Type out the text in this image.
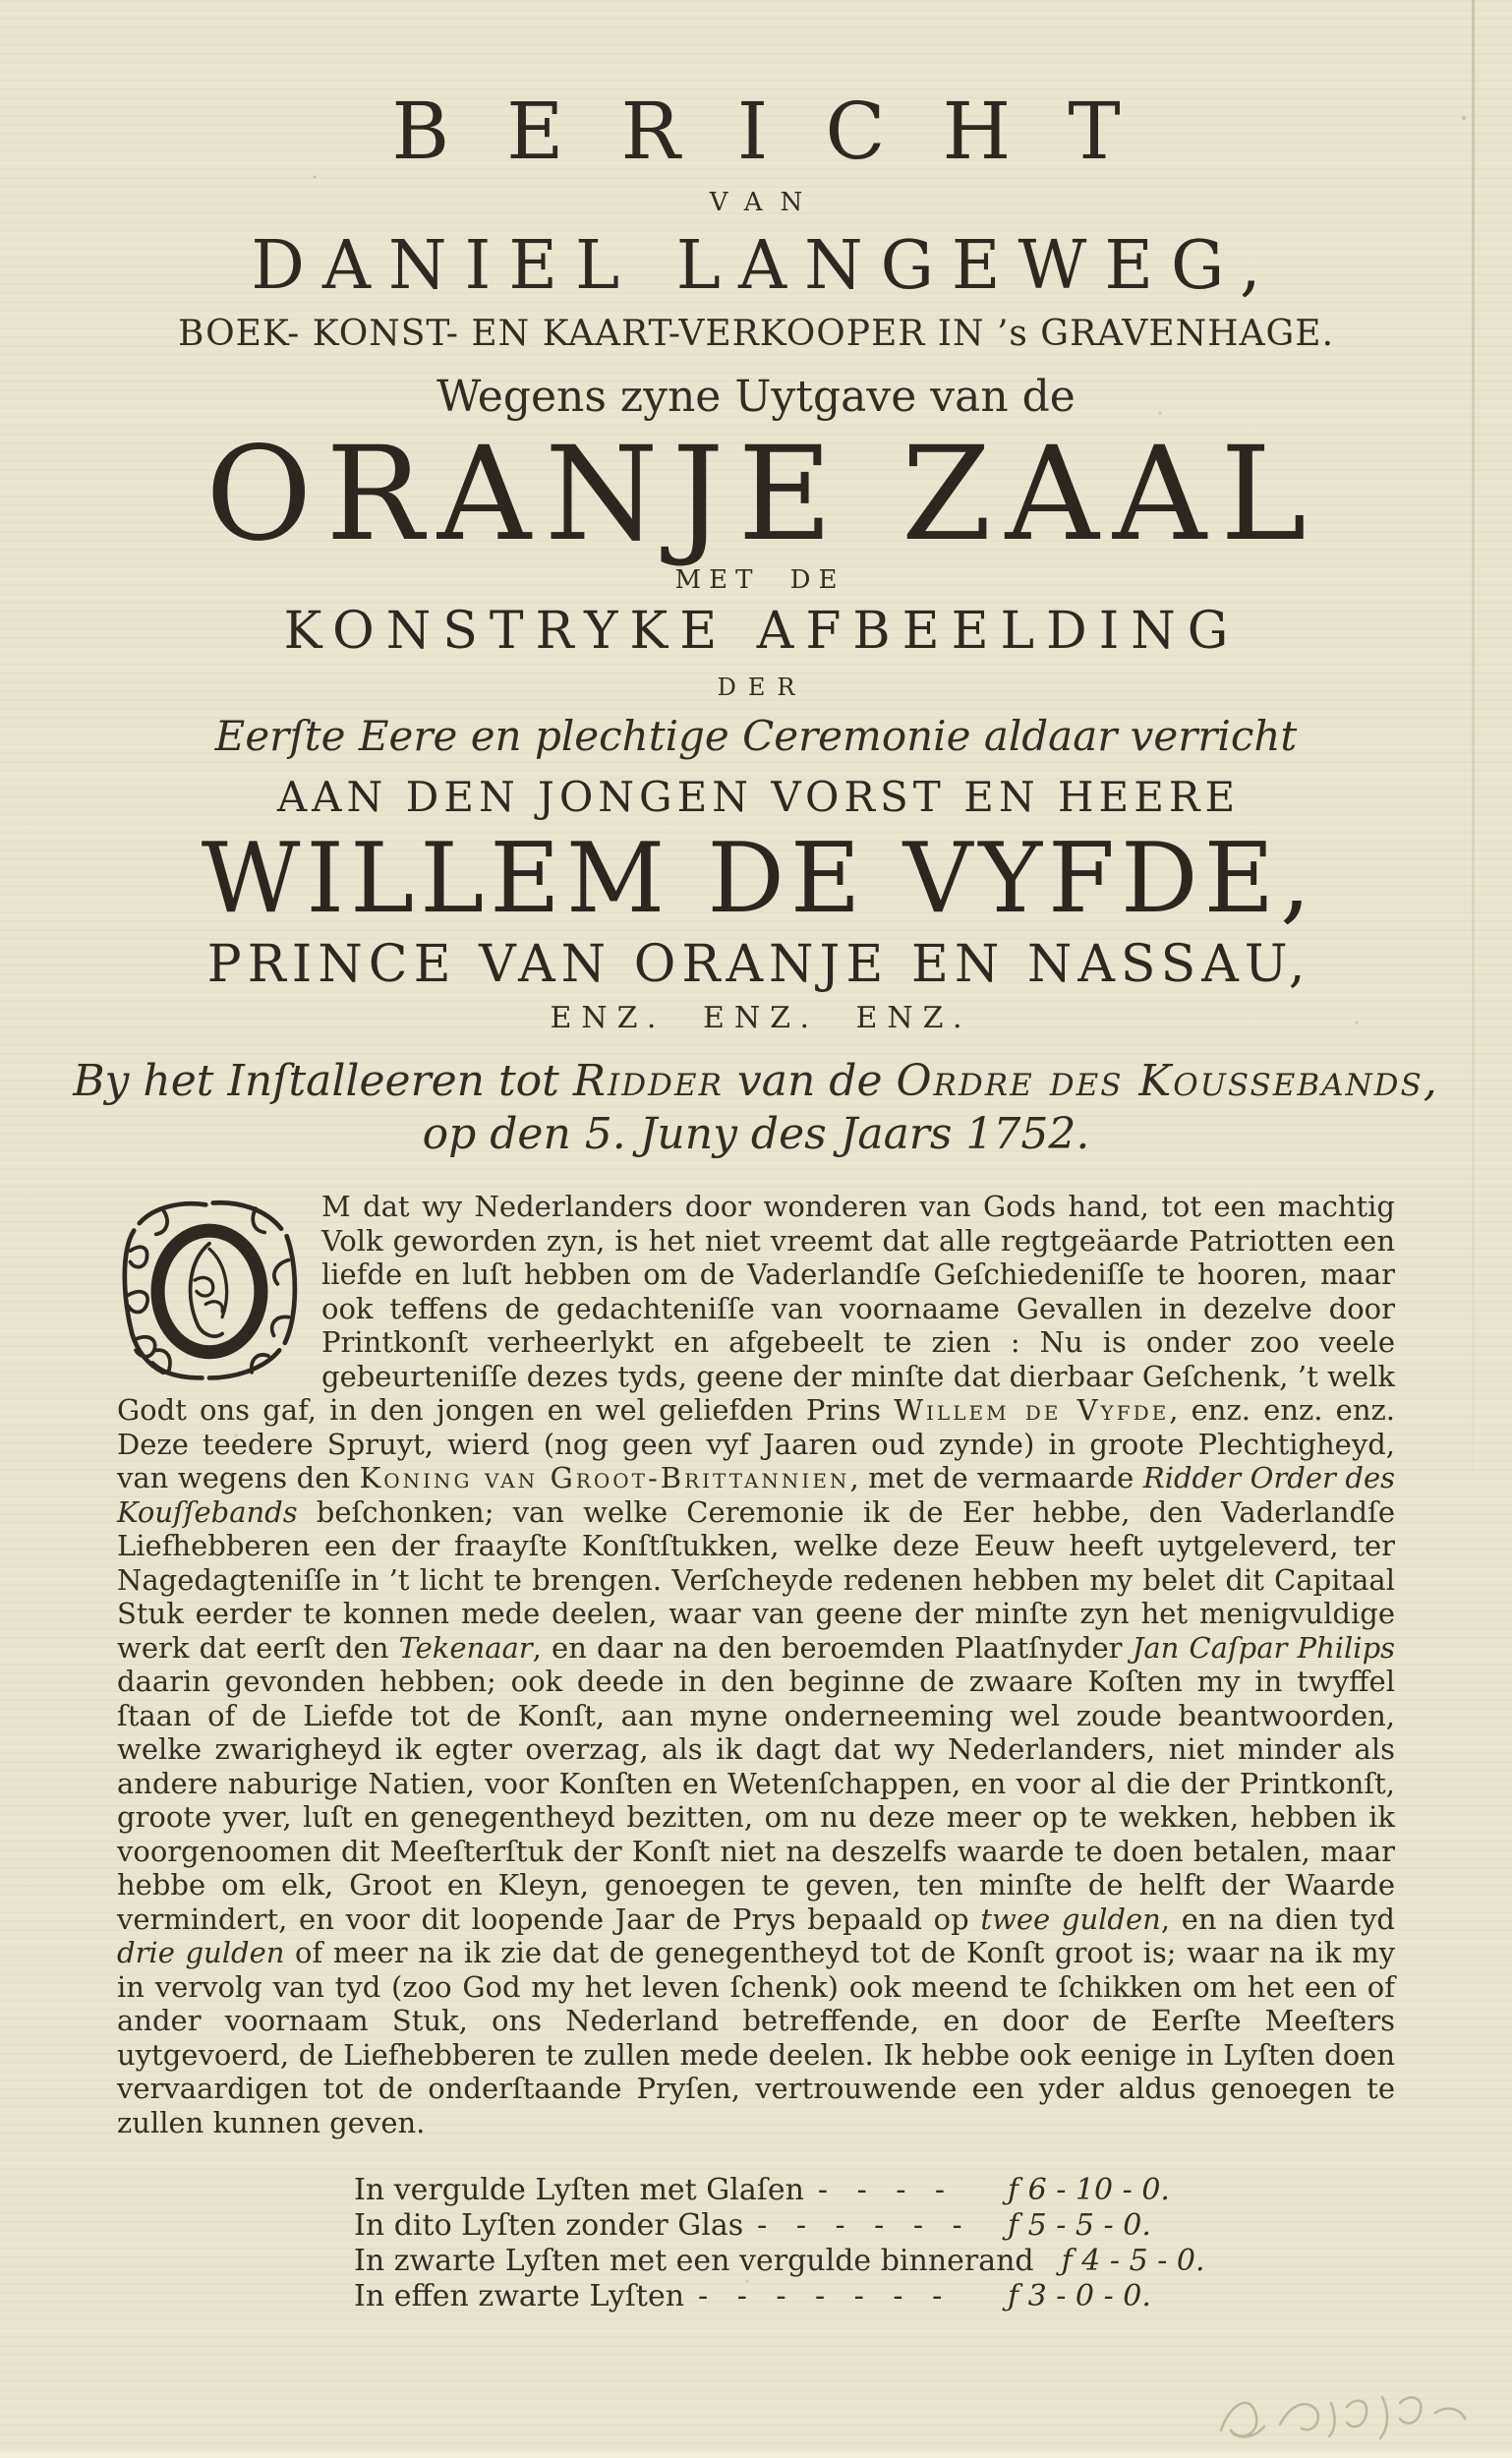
BERICHT
VAN
DANIEL LANGEWEG,
BOEK- KONST- EN KAART-VERKOOPER IN ’s GRAVENHAGE.
Wegens zyne Uytgave van de
ORANJE ZAAL
MET DE
KONSTRYKE AFBEELDING
DER
Eerſte Eere en plechtige Ceremonie aldaar verricht
AAN DEN JONGEN VORST EN HEERE
WILLEM DE VYFDE,
PRINCE VAN ORANJE EN NASSAU,
ENZ. ENZ. ENZ.
By het Inſtalleeren tot Ridder van de Ordre des Koussebands,
op den 5. Juny des Jaars 1752.
M dat wy Nederlanders door wonderen van Gods hand, tot een machtig Volk geworden zyn, is het niet vreemt dat alle regtgeäarde Patriotten een liefde en luſt hebben om de Vaderlandſe Geſchiedeniſſe te hooren, maar ook teffens de gedachteniſſe van voornaame Gevallen in dezelve door Printkonſt verheerlykt en afgebeelt te zien : Nu is onder zoo veele gebeurteniſſe dezes tyds, geene der minſte dat dierbaar Geſchenk, ’t welk Godt ons gaf, in den jongen en wel geliefden Prins Willem de Vyfde, enz. enz. enz. Deze teedere Spruyt, wierd (nog geen vyf Jaaren oud zynde) in groote Plechtigheyd, van wegens den Koning van Groot-Brittannien, met de vermaarde Ridder Order des Kouſſebands beſchonken; van welke Ceremonie ik de Eer hebbe, den Vaderlandſe Liefhebberen een der fraayſte Konſtſtukken, welke deze Eeuw heeft uytgeleverd, ter Nagedagteniſſe in ’t licht te brengen. Verſcheyde redenen hebben my belet dit Capitaal Stuk eerder te konnen mede deelen, waar van geene der minſte zyn het menigvuldige werk dat eerſt den Tekenaar, en daar na den beroemden Plaatſnyder Jan Caſpar Philips daarin gevonden hebben; ook deede in den beginne de zwaare Koſten my in twyffel ſtaan of de Liefde tot de Konſt, aan myne onderneeming wel zoude beantwoorden, welke zwarigheyd ik egter overzag, als ik dagt dat wy Nederlanders, niet minder als andere naburige Natien, voor Konſten en Wetenſchappen, en voor al die der Printkonſt, groote yver, luſt en genegentheyd bezitten, om nu deze meer op te wekken, hebben ik voorgenoomen dit Meeſterſtuk der Konſt niet na deszelfs waarde te doen betalen, maar hebbe om elk, Groot en Kleyn, genoegen te geven, ten minſte de helft der Waarde vermindert, en voor dit loopende Jaar de Prys bepaald op twee gulden, en na dien tyd drie gulden of meer na ik zie dat de genegentheyd tot de Konſt groot is; waar na ik my in vervolg van tyd (zoo God my het leven ſchenk) ook meend te ſchikken om het een of ander voornaam Stuk, ons Nederland betreffende, en door de Eerſte Meeſters uytgevoerd, de Liefhebberen te zullen mede deelen. Ik hebbe ook eenige in Lyſten doen vervaardigen tot de onderſtaande Pryſen, vertrouwende een yder aldus genoegen te zullen kunnen geven.
In vergulde Lyſten met Glaſen - - - -	ƒ 6 - 10 - 0.
In dito Lyſten zonder Glas - - - - - -	ƒ 5 - 5 - 0.
In zwarte Lyſten met een vergulde binnerand ƒ 4 - 5 - 0.
In effen zwarte Lyſten - - - - - - -	ƒ 3 - 0 - 0.
